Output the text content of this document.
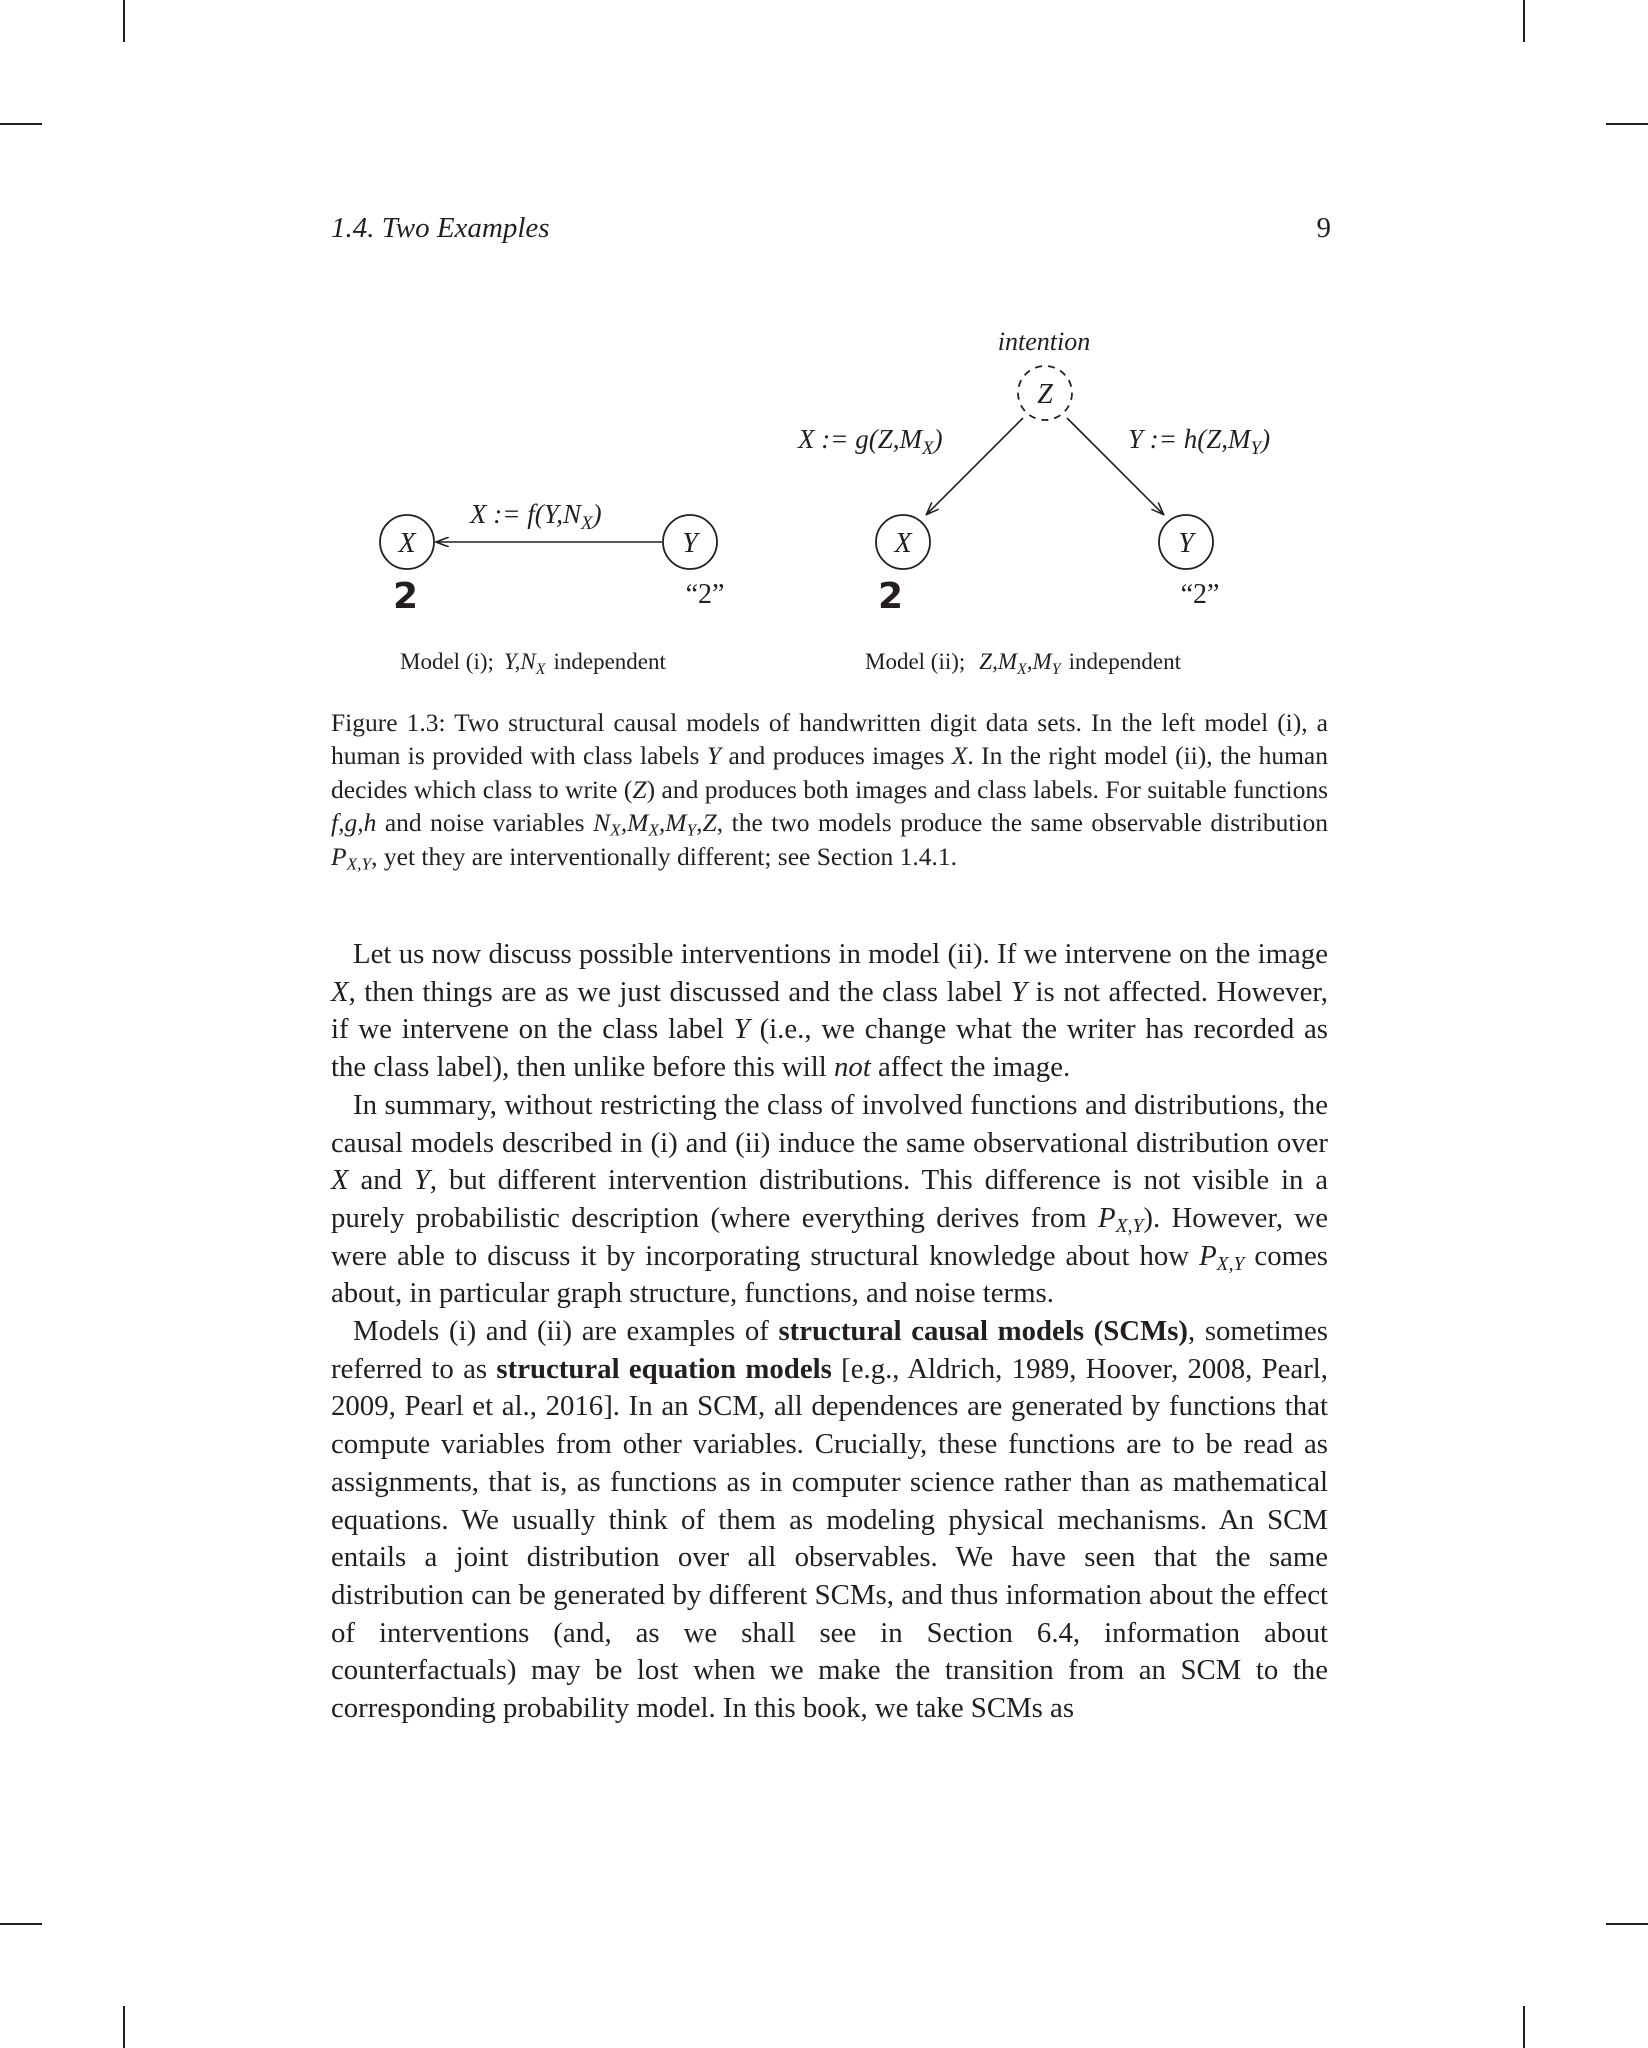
1.4. Two Examples	9
X	Y
X := $f(Y,N_X)$
2	“2”
Model (i); $Y,N_X$ independent
intention
Z
X	Y
X := $g(Z,M_X)$	Y := $h(Z,M_Y)$
2	“2”
Model (ii); $Z,M_X,M_Y$ independent

Figure 1.3: Two structural causal models of handwritten digit data sets. In the left model (i), a human is provided with class labels Y and produces images X. In the right model (ii), the human decides which class to write (Z) and produces both images and class labels. For suitable functions f,g,h and noise variables $N_X,M_X,M_Y,Z$, the two models produce the same observable distribution $P_{X,Y}$, yet they are interventionally different; see Section 1.4.1.

Let us now discuss possible interventions in model (ii). If we intervene on the image X, then things are as we just discussed and the class label Y is not affected. However, if we intervene on the class label Y (i.e., we change what the writer has recorded as the class label), then unlike before this will not affect the image.

In summary, without restricting the class of involved functions and distributions, the causal models described in (i) and (ii) induce the same observational distribution over X and Y, but different intervention distributions. This difference is not visible in a purely probabilistic description (where everything derives from $P_{X,Y}$). However, we were able to discuss it by incorporating structural knowledge about how $P_{X,Y}$ comes about, in particular graph structure, functions, and noise terms.

Models (i) and (ii) are examples of structural causal models (SCMs), sometimes referred to as structural equation models [e.g., Aldrich, 1989, Hoover, 2008, Pearl, 2009, Pearl et al., 2016]. In an SCM, all dependences are generated by functions that compute variables from other variables. Crucially, these functions are to be read as assignments, that is, as functions as in computer science rather than as mathematical equations. We usually think of them as modeling physical mechanisms. An SCM entails a joint distribution over all observables. We have seen that the same distribution can be generated by different SCMs, and thus information about the effect of interventions (and, as we shall see in Section 6.4, information about counterfactuals) may be lost when we make the transition from an SCM to the corresponding probability model. In this book, we take SCMs as
